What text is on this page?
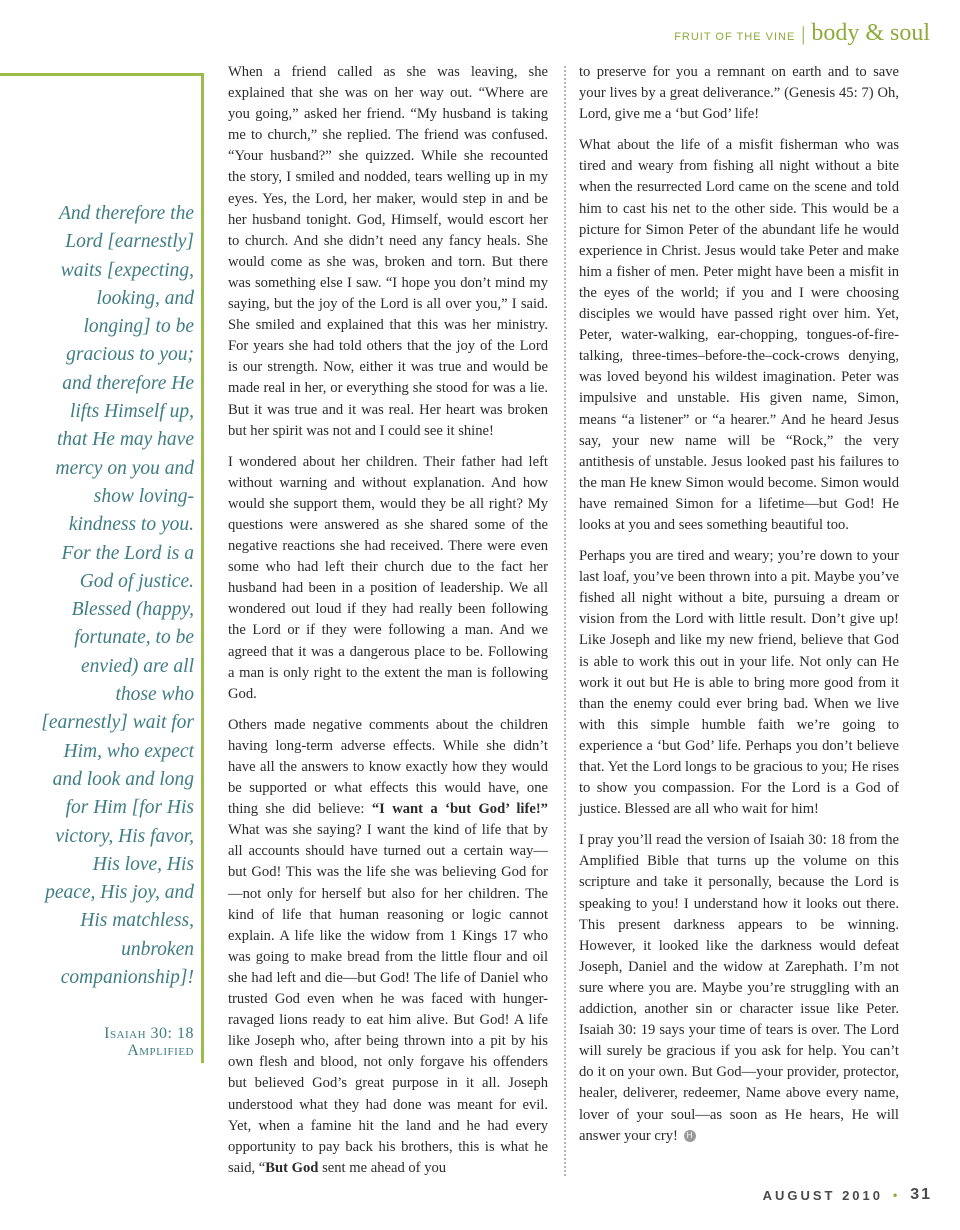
FRUIT OF THE VINE | body & soul
And therefore the Lord [earnestly] waits [expecting, looking, and longing] to be gracious to you; and therefore He lifts Himself up, that He may have mercy on you and show loving-kindness to you. For the Lord is a God of justice. Blessed (happy, fortunate, to be envied) are all those who [earnestly] wait for Him, who expect and look and long for Him [for His victory, His favor, His love, His peace, His joy, and His matchless, unbroken companionship]!
Isaiah 30: 18
Amplified

When a friend called as she was leaving, she explained that she was on her way out. “Where are you going,” asked her friend. “My husband is taking me to church,” she replied. The friend was confused. “Your husband?” she quizzed. While she recounted the story, I smiled and nodded, tears welling up in my eyes. Yes, the Lord, her maker, would step in and be her husband tonight. God, Himself, would escort her to church. And she didn’t need any fancy heals. She would come as she was, broken and torn. But there was something else I saw. “I hope you don’t mind my saying, but the joy of the Lord is all over you,” I said. She smiled and explained that this was her ministry. For years she had told others that the joy of the Lord is our strength. Now, either it was true and would be made real in her, or everything she stood for was a lie. But it was true and it was real. Her heart was broken but her spirit was not and I could see it shine!

I wondered about her children. Their father had left without warning and without explanation. And how would she support them, would they be all right? My questions were answered as she shared some of the negative reactions she had received. There were even some who had left their church due to the fact her husband had been in a position of leadership. We all wondered out loud if they had really been following the Lord or if they were following a man. And we agreed that it was a dangerous place to be. Following a man is only right to the extent the man is following God.

Others made negative comments about the children having long-term adverse effects. While she didn’t have all the answers to know exactly how they would be supported or what effects this would have, one thing she did believe: “I want a ‘but God’ life!” What was she saying? I want the kind of life that by all accounts should have turned out a certain way—but God! This was the life she was believing God for—not only for herself but also for her children. The kind of life that human reasoning or logic cannot explain. A life like the widow from 1 Kings 17 who was going to make bread from the little flour and oil she had left and die—but God! The life of Daniel who trusted God even when he was faced with hunger-ravaged lions ready to eat him alive. But God! A life like Joseph who, after being thrown into a pit by his own flesh and blood, not only forgave his offenders but believed God’s great purpose in it all. Joseph understood what they had done was meant for evil. Yet, when a famine hit the land and he had every opportunity to pay back his brothers, this is what he said, “But God sent me ahead of you

to preserve for you a remnant on earth and to save your lives by a great deliverance.” (Genesis 45: 7) Oh, Lord, give me a ‘but God’ life!

What about the life of a misfit fisherman who was tired and weary from fishing all night without a bite when the resurrected Lord came on the scene and told him to cast his net to the other side. This would be a picture for Simon Peter of the abundant life he would experience in Christ. Jesus would take Peter and make him a fisher of men. Peter might have been a misfit in the eyes of the world; if you and I were choosing disciples we would have passed right over him. Yet, Peter, water-walking, ear-chopping, tongues-of-fire-talking, three-times–before-the–cock-crows denying, was loved beyond his wildest imagination. Peter was impulsive and unstable. His given name, Simon, means “a listener” or “a hearer.” And he heard Jesus say, your new name will be “Rock,” the very antithesis of unstable. Jesus looked past his failures to the man He knew Simon would become. Simon would have remained Simon for a lifetime—but God! He looks at you and sees something beautiful too.

Perhaps you are tired and weary; you’re down to your last loaf, you’ve been thrown into a pit. Maybe you’ve fished all night without a bite, pursuing a dream or vision from the Lord with little result. Don’t give up! Like Joseph and like my new friend, believe that God is able to work this out in your life. Not only can He work it out but He is able to bring more good from it than the enemy could ever bring bad. When we live with this simple humble faith we’re going to experience a ‘but God’ life. Perhaps you don’t believe that. Yet the Lord longs to be gracious to you; He rises to show you compassion. For the Lord is a God of justice. Blessed are all who wait for him!

I pray you’ll read the version of Isaiah 30: 18 from the Amplified Bible that turns up the volume on this scripture and take it personally, because the Lord is speaking to you! I understand how it looks out there. This present darkness appears to be winning. However, it looked like the darkness would defeat Joseph, Daniel and the widow at Zarephath. I’m not sure where you are. Maybe you’re struggling with an addiction, another sin or character issue like Peter. Isaiah 30: 19 says your time of tears is over. The Lord will surely be gracious if you ask for help. You can’t do it on your own. But God—your provider, protector, healer, deliverer, redeemer, Name above every name, lover of your soul—as soon as He hears, He will answer your cry! H

AUGUST 2010 • 31
